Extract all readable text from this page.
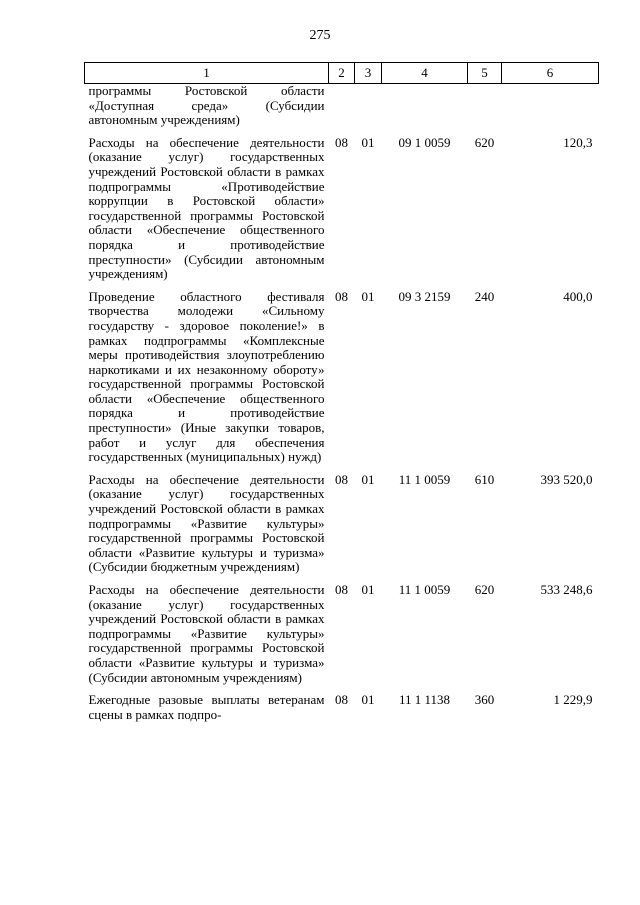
275
1	2	3	4	5	6
программы Ростовской области «Доступная среда» (Субсидии автономным учреждениям)					
Расходы на обеспечение деятельности (оказание услуг) государственных учреждений Ростовской области в рамках подпрограммы «Противодействие коррупции в Ростовской области» государственной программы Ростовской области «Обеспечение общественного порядка и противодействие преступности» (Субсидии автономным учреждениям)	08	01	09 1 0059	620	120,3
Проведение областного фестиваля творчества молодежи «Сильному государству - здоровое поколение!» в рамках подпрограммы «Комплексные меры противодействия злоупотреблению наркотиками и их незаконному обороту» государственной программы Ростовской области «Обеспечение общественного порядка и противодействие преступности» (Иные закупки товаров, работ и услуг для обеспечения государственных (муниципальных) нужд)	08	01	09 3 2159	240	400,0
Расходы на обеспечение деятельности (оказание услуг) государственных учреждений Ростовской области в рамках подпрограммы «Развитие культуры» государственной программы Ростовской области «Развитие культуры и туризма» (Субсидии бюджетным учреждениям)	08	01	11 1 0059	610	393 520,0
Расходы на обеспечение деятельности (оказание услуг) государственных учреждений Ростовской области в рамках подпрограммы «Развитие культуры» государственной программы Ростовской области «Развитие культуры и туризма» (Субсидии автономным учреждениям)	08	01	11 1 0059	620	533 248,6
Ежегодные разовые выплаты ветеранам сцены в рамках подпро-	08	01	11 1 1138	360	1 229,9
